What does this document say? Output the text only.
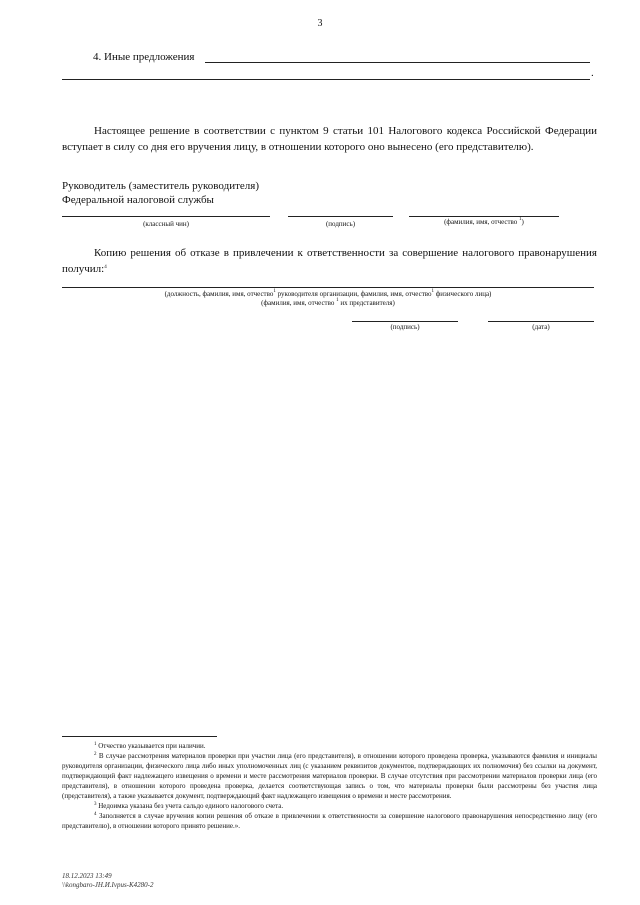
3
4. Иные предложения
.
Настоящее решение в соответствии с пунктом 9 статьи 101 Налогового кодекса Российской Федерации вступает в силу со дня его вручения лицу, в отношении которого оно вынесено (его представителю).
Руководитель (заместитель руководителя)
Федеральной налоговой службы
(классный чин)	(подпись)	(фамилия, имя, отчество $^1$)
Копию решения об отказе в привлечении к ответственности за совершение налогового правонарушения получил:$^4$
(должность, фамилия, имя, отчество$^1$ руководителя организации, фамилия, имя, отчество$^1$ физического лица)
(фамилия, имя, отчество $^1$ их представителя)
(подпись)	(дата)

$^1$ Отчество указывается при наличии.

$^2$ В случае рассмотрения материалов проверки при участии лица (его представителя), в отношении которого проведена проверка, указываются фамилия и инициалы руководителя организации, физического лица либо иных уполномоченных лиц (с указанием реквизитов документов, подтверждающих их полномочия) без ссылки на документ, подтверждающий факт надлежащего извещения о времени и месте рассмотрения материалов проверки. В случае отсутствия при рассмотрении материалов проверки лица (его представителя), в отношении которого проведена проверка, делается соответствующая запись о том, что материалы проверки были рассмотрены без участия лица (представителя), а также указывается документ, подтверждающий факт надлежащего извещения о времени и месте рассмотрения.

$^3$ Недоимка указана без учета сальдо единого налогового счета.

$^4$ Заполняется в случае вручения копии решения об отказе в привлечении к ответственности за совершение налогового правонарушения непосредственно лицу (его представителю), в отношении которого принято решение.».

18.12.2023 13:49
\\kongbaro-JH.И.Ivpus-K4280-2
